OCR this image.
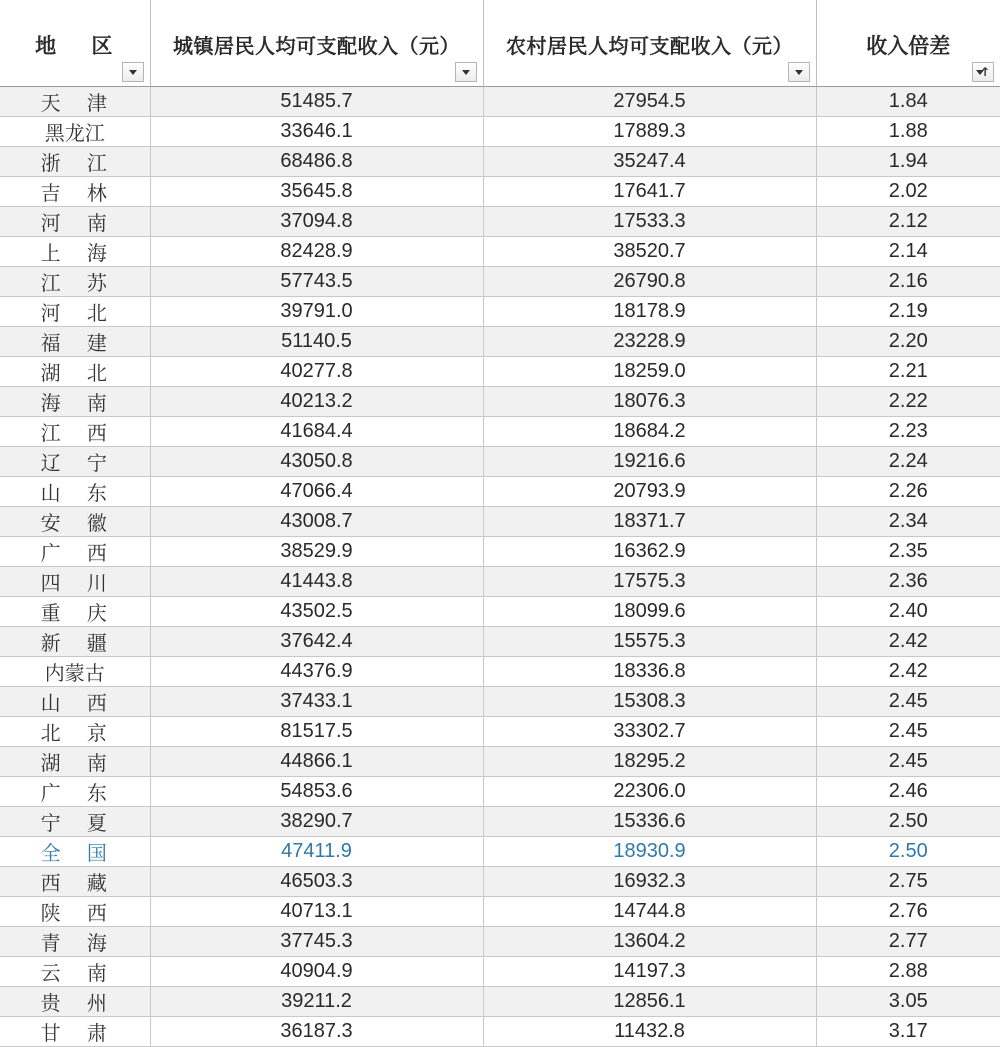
地 区	城镇居民人均可支配收入（元）	农村居民人均可支配收入（元）	收入倍差
↑

天 津	51485.7	27954.5	1.84
黑龙江	33646.1	17889.3	1.88
浙 江	68486.8	35247.4	1.94
吉 林	35645.8	17641.7	2.02
河 南	37094.8	17533.3	2.12
上 海	82428.9	38520.7	2.14
江 苏	57743.5	26790.8	2.16
河 北	39791.0	18178.9	2.19
福 建	51140.5	23228.9	2.20
湖 北	40277.8	18259.0	2.21
海 南	40213.2	18076.3	2.22
江 西	41684.4	18684.2	2.23
辽 宁	43050.8	19216.6	2.24
山 东	47066.4	20793.9	2.26
安 徽	43008.7	18371.7	2.34
广 西	38529.9	16362.9	2.35
四 川	41443.8	17575.3	2.36
重 庆	43502.5	18099.6	2.40
新 疆	37642.4	15575.3	2.42
内蒙古	44376.9	18336.8	2.42
山 西	37433.1	15308.3	2.45
北 京	81517.5	33302.7	2.45
湖 南	44866.1	18295.2	2.45
广 东	54853.6	22306.0	2.46
宁 夏	38290.7	15336.6	2.50
全 国	47411.9	18930.9	2.50
西 藏	46503.3	16932.3	2.75
陕 西	40713.1	14744.8	2.76
青 海	37745.3	13604.2	2.77
云 南	40904.9	14197.3	2.88
贵 州	39211.2	12856.1	3.05
甘 肃	36187.3	11432.8	3.17
